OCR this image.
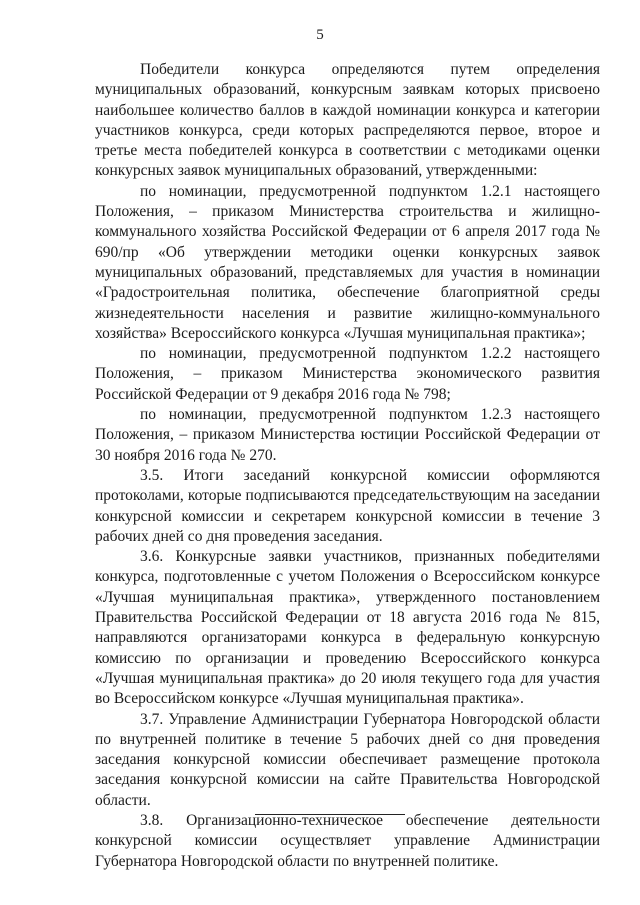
5

Победители конкурса определяются путем определения муниципальных образований, конкурсным заявкам которых присвоено наибольшее количество баллов в каждой номинации конкурса и категории участников конкурса, среди которых распределяются первое, второе и третье места победителей конкурса в соответствии с методиками оценки конкурсных заявок муниципальных образований, утвержденными:

по номинации, предусмотренной подпунктом 1.2.1 настоящего Положения, – приказом Министерства строительства и жилищно-коммунального хозяйства Российской Федерации от 6 апреля 2017 года № 690/пр «Об утверждении методики оценки конкурсных заявок муниципальных образований, представляемых для участия в номинации «Градостроительная политика, обеспечение благоприятной среды жизнедеятельности населения и развитие жилищно-коммунального хозяйства» Всероссийского конкурса «Лучшая муниципальная практика»;

по номинации, предусмотренной подпунктом 1.2.2 настоящего Положения, – приказом Министерства экономического развития Российской Федерации от 9 декабря 2016 года № 798;

по номинации, предусмотренной подпунктом 1.2.3 настоящего Положения, – приказом Министерства юстиции Российской Федерации от 30 ноября 2016 года № 270.

3.5. Итоги заседаний конкурсной комиссии оформляются протоколами, которые подписываются председательствующим на заседании конкурсной комиссии и секретарем конкурсной комиссии в течение 3 рабочих дней со дня проведения заседания.

3.6. Конкурсные заявки участников, признанных победителями конкурса, подготовленные с учетом Положения о Всероссийском конкурсе «Лучшая муниципальная практика», утвержденного постановлением Правительства Российской Федерации от 18 августа 2016 года № 815, направляются организаторами конкурса в федеральную конкурсную комиссию по организации и проведению Всероссийского конкурса «Лучшая муниципальная практика» до 20 июля текущего года для участия во Всероссийском конкурсе «Лучшая муниципальная практика».

3.7. Управление Администрации Губернатора Новгородской области по внутренней политике в течение 5 рабочих дней со дня проведения заседания конкурсной комиссии обеспечивает размещение протокола заседания конкурсной комиссии на сайте Правительства Новгородской области.

3.8. Организационно-техническое обеспечение деятельности конкурсной комиссии осуществляет управление Администрации Губернатора Новгородской области по внутренней политике.
